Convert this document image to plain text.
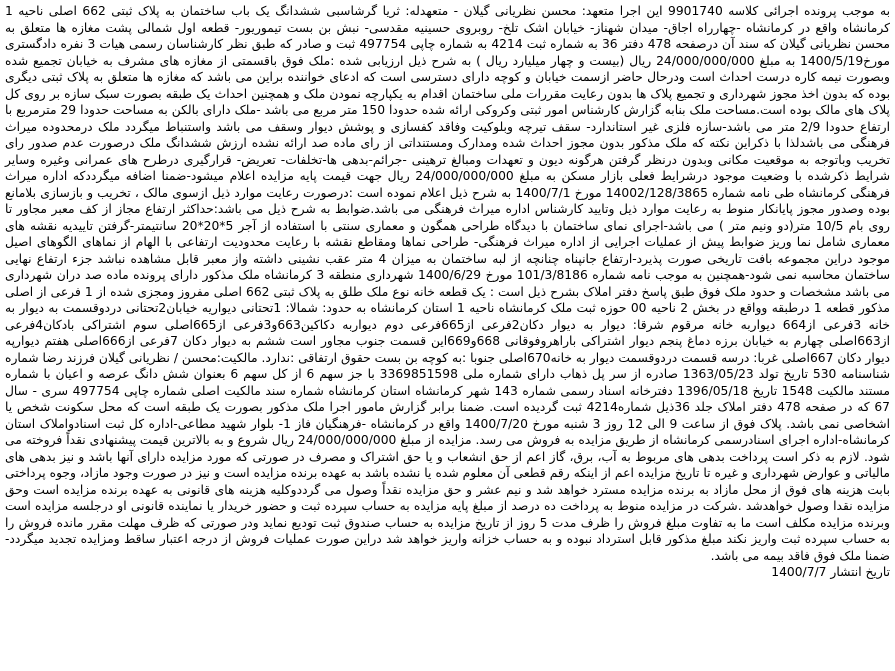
به موجب پرونده اجرائی کلاسه 9901740 این اجرا متعهد: محسن نظریانی گیلان - متعهدله: ثریا گرشاسبی ششدانگ یک باب ساختمان به پلاک ثبتی 662 اصلی ناحیه 1 کرمانشاه واقع در کرمانشاه -چهارراه اجاق- میدان شهناز- خیابان اشک تلخ- روبروی حسینیه مقدسی- نبش بن بست تیموریور- قطعه اول شمالی پشت مغازه ها متعلق به محسن نظریانی گیلان که سند آن درصفحه 478 دفتر 36 به شماره ثبت 4214 به شماره چاپی 497754 ثبت و صادر که طبق نظر کارشناسان رسمی هیات 3 نفره دادگستری مورخ1400/5/19 به مبلغ 24/000/000/000 ریال (بیست و چهار میلیارد ریال ) به شرح ذیل ارزیابی شده :ملک فوق باقسمتی از مغازه های مشرف به خیابان تجمیع شده وبصورت نیمه کاره درست احداث است ودرحال حاضر ازسمت خیابان و کوچه دارای دسترسی است که ادعای خواننده براین می باشد که مغازه ها متعلق به پلاک ثبتی دیگری بوده که بدون اخذ مجوز شهرداری و تجمیع پلاک ها بدون رعایت مقررات ملی ساختمان اقدام به یکپارچه نمودن ملک و همچنین احداث یک طبقه بصورت سبک سازه بر روی کل پلاک های مالک بوده است.مساحت ملک بنابه گزارش کارشناس امور ثبتی وکروکی ارائه شده حدودا 150 متر مربع می باشد -ملک دارای بالکن به مساحت حدودا 29 مترمربع با ارتفاع حدودا 2/9 متر می باشد-سازه فلزی غیر استاندارد- سقف تیرچه وبلوکیت وفاقد کفسازی و پوشش دیوار وسقف می باشد واستنباط میگردد ملک درمحدوده میراث فرهنگی می باشدلذا با ذکراین نکته که ملک مذکور بدون مجوز احداث شده ومدارک ومستنداتی از رای ماده صد ارائه نشده ارزش ششدانگ ملک درصورت عدم صدور رای تخریب وباتوجه به موقعیت مکانی وبدون درنظر گرفتن هرگونه دیون و تعهدات ومبالغ ترهینی -جرائم-بدهی ها-تخلفات- تعریض- قرارگیری درطرح های عمرانی وغیره وسایر شرایط ذکرشده با وضعیت موجود درشرایط فعلی بازار مسکن به مبلغ 24/000/000/000 ریال جهت قیمت پایه مزایده اعلام میشود-ضمنا اضافه میگرددکه اداره میراث فرهنگی کرمانشاه طی نامه شماره 14002/128/3865 مورخ 1400/7/1 به شرح ذیل اعلام نموده است :درصورت رعایت موارد ذیل ازسوی مالک ، تخریب و بازسازی بلامانع بوده وصدور مجوز پایانکار منوط به رعایت موارد ذیل وتایید کارشناس اداره میراث فرهنگی می باشد.ضوابط به شرح ذیل می باشد:حداکثر ارتفاع مجاز از کف معبر مجاور تا روی بام 10/5 متر(دو ونیم متر ) می باشد-اجرای نمای ساختمان با دیدگاه طراحی همگون و معماری سنتی با استفاده از آجر 5*20*20 سانتیمتر-گرفتن تاییدیه نقشه های معماری شامل نما وریز ضوابط پیش از عملیات اجرایی از اداره میراث فرهنگی- طراحی نماها ومقاطع نقشه با رعایت محدودیت ارتفاعی با الهام از نماهای الگوهای اصیل موجود دراین مجموعه بافت تاریخی صورت پذیرد-ارتفاع جانپناه چنانچه از لبه ساختمان به میزان 4 متر عقب نشینی داشته واز معبر قابل مشاهده نباشد جزء ارتفاع نهایی ساختمان محاسبه نمی شود-همچنین به موجب نامه شماره 101/3/8186 مورخ 1400/6/29 شهرداری منطقه 3 کرمانشاه ملک مذکور دارای پرونده ماده صد دران شهرداری می باشد مشخصات و حدود ملک فوق طبق پاسخ دفتر املاک بشرح ذیل است : یک قطعه خانه نوع ملک طلق به پلاک ثبتی 662 اصلی مفروز ومجزی شده از 1 فرعی از اصلی مذکور قطعه 1 درطبقه وواقع در بخش 2 ناحیه 00 حوزه ثبت ملک کرمانشاه ناحیه 1 استان کرمانشاه به حدود: شمالا: 1تحتانی دیواریه خیابان2تحتانی دردوقسمت به دیوار به خانه 3فرعی از664 دیواربه خانه مرقوم شرقا: دیوار به دیوار دکان2فرعی از665فرعی دوم دیواربه دکاکین663و3فرعی از665اصلی سوم اشتراکی بادکان4فرعی از663اصلی چهارم به خیابان برزه دماغ پنجم دیوار اشتراکی باراهروفوقانی 668و669این قسمت جنوب مجاور است ششم به دیوار دکان 7فرعی از666اصلی هفتم دیوارپه دیوار دکان 667اصلی غربا: درسه قسمت دردوقسمت دیوار به خانه670اصلی جنوبا :به کوچه بن بست حقوق ارتفاقی :ندارد. مالکیت:محسن / نظریانی گیلان فرزند رضا شماره شناسنامه 530 تاریخ تولد 1363/05/23 صادره از سر پل ذهاب دارای شماره ملی 3369851598 با جز سهم 6 از کل سهم 6 بعنوان شش دانگ عرصه و اعیان با شماره مستند مالکیت 1548 تاریخ 1396/05/18 دفترخانه اسناد رسمی شماره 143 شهر کرمانشاه استان کرمانشاه شماره سند مالکیت اصلی شماره چاپی 497754 سری - سال 67 که در صفحه 478 دفتر املاک جلد 36ذیل شماره4214 ثبت گردیده است. ضمنا برابر گزارش مامور اجرا ملک مذکور بصورت یک طبقه است که محل سکونت شخص یا اشخاصی نمی باشد. پلاک فوق از ساعت 9 الی 12 روز 3 شنبه مورخ 1400/7/20 واقع در کرمانشاه -فرهنگیان فاز 1- بلوار شهید مطاعی-اداره کل ثبت اسنادواملاک استان کرمانشاه-اداره اجرای اسنادرسمی کرمانشاه از طریق مزایده به فروش می رسد. مزایده از مبلغ 24/000/000/000 ریال شروع و به بالاترین قیمت پیشنهادی نقداً فروخته می شود. لازم به ذکر است پرداخت بدهی های مربوط به آب، برق، گاز اعم از حق انشعاب و یا حق اشتراک و مصرف در صورتی که مورد مزایده دارای آنها باشد و نیز بدهی های مالیاتی و عوارض شهرداری و غیره تا تاریخ مزایده اعم از اینکه رقم قطعی آن معلوم شده یا نشده باشد به عهده برنده مزایده است و نیز در صورت وجود مازاد، وجوه پرداختی بابت هزینه های فوق از محل مازاد به برنده مزایده مسترد خواهد شد و نیم عشر و حق مزایده نقداً وصول می گرددوکلیه هزینه های قانونی به عهده برنده مزایده است وحق مزایده نقدا وصول خواهدشد .شرکت در مزایده منوط به پرداخت ده درصد از مبلغ پایه مزایده به حساب سپرده ثبت و حضور خریدار یا نماینده قانونی او درجلسه مزایده است وبرنده مزایده مکلف است ما به تفاوت مبلغ فروش را ظرف مدت 5 روز از تاریخ مزایده به حساب صندوق ثبت تودیع نماید ودر صورتی که ظرف مهلت مقرر مانده فروش را به حساب سپرده ثبت واریز نکند مبلغ مذکور قابل استرداد نبوده و به حساب خزانه واریز خواهد شد دراین صورت عملیات فروش از درجه اعتبار ساقط ومزایده تجدید میگردد-ضمنا ملک فوق فاقد بیمه می باشد.

تاریخ انتشار 1400/7/7
